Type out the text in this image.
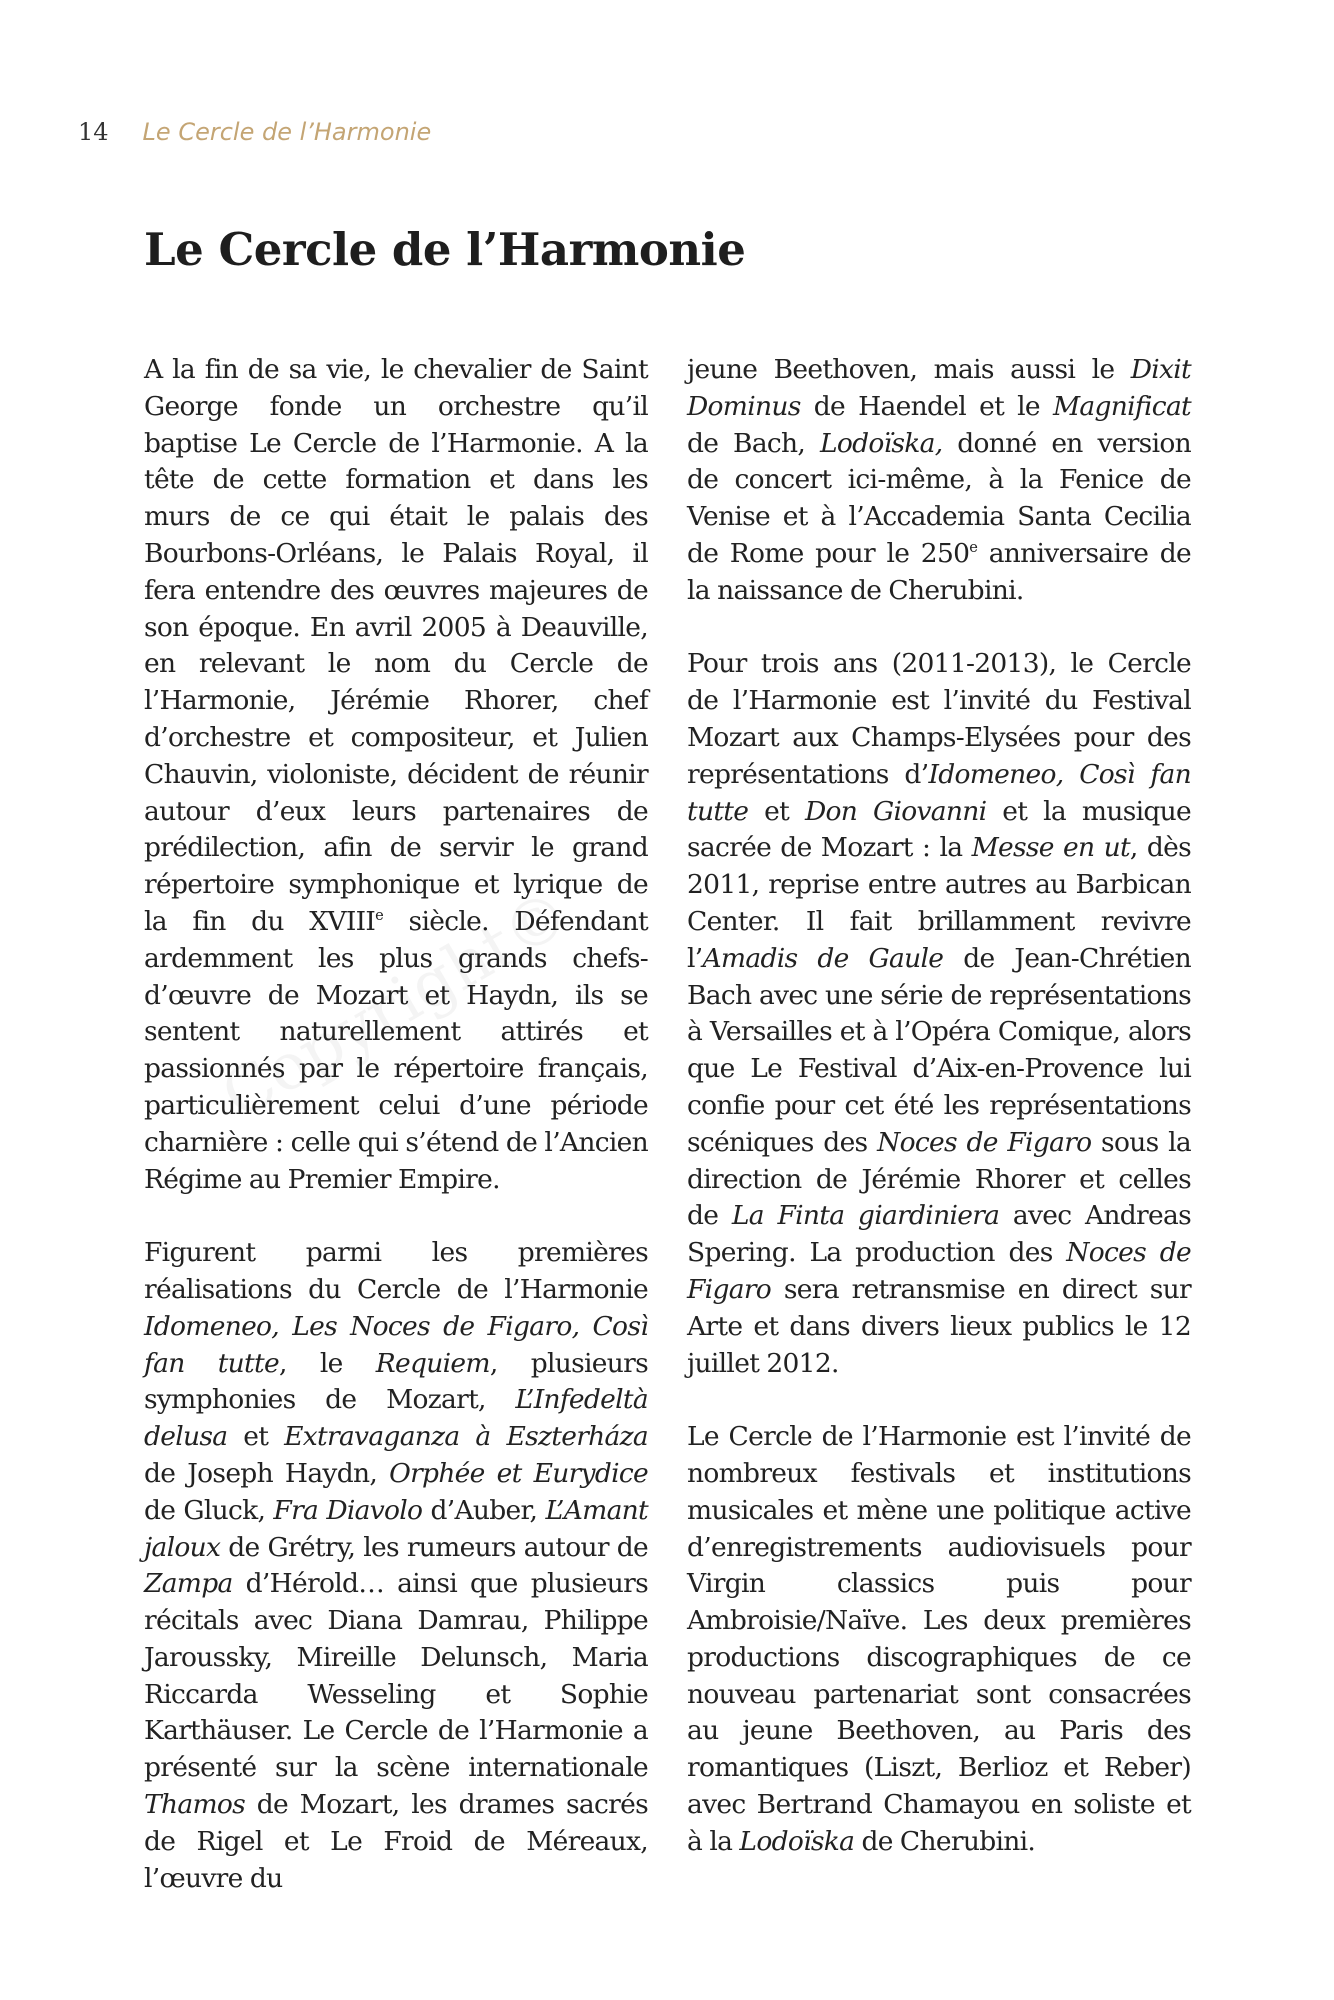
14 Le Cercle de l’Harmonie
Le Cercle de l’Harmonie

A la fin de sa vie, le chevalier de Saint George fonde un orchestre qu’il baptise Le Cercle de l’Harmonie. A la tête de cette formation et dans les murs de ce qui était le palais des Bourbons-Orléans, le Palais Royal, il fera entendre des œuvres majeures de son époque. En avril 2005 à Deauville, en relevant le nom du Cercle de l’Harmonie, Jérémie Rhorer, chef d’orchestre et compositeur, et Julien Chauvin, violoniste, décident de réunir autour d’eux leurs partenaires de prédilection, afin de servir le grand répertoire symphonique et lyrique de la fin du XVIIIe siècle. Défendant ardemment les plus grands chefs-d’œuvre de Mozart et Haydn, ils se sentent naturellement attirés et passionnés par le répertoire français, particulièrement celui d’une période charnière : celle qui s’étend de l’Ancien Régime au Premier Empire.

Figurent parmi les premières réalisations du Cercle de l’Harmonie Idomeneo, Les Noces de Figaro, Così fan tutte, le Requiem, plusieurs symphonies de Mozart, L’Infedeltà delusa et Extravaganza à Eszterháza de Joseph Haydn, Orphée et Eurydice de Gluck, Fra Diavolo d’Auber, L’Amant jaloux de Grétry, les rumeurs autour de Zampa d’Hérold… ainsi que plusieurs récitals avec Diana Damrau, Philippe Jaroussky, Mireille Delunsch, Maria Riccarda Wesseling et Sophie Karthäuser. Le Cercle de l’Harmonie a présenté sur la scène internationale Thamos de Mozart, les drames sacrés de Rigel et Le Froid de Méreaux, l’œuvre du

jeune Beethoven, mais aussi le Dixit Dominus de Haendel et le Magnificat de Bach, Lodoïska, donné en version de concert ici-même, à la Fenice de Venise et à l’Accademia Santa Cecilia de Rome pour le 250e anniversaire de la naissance de Cherubini.

Pour trois ans (2011-2013), le Cercle de l’Harmonie est l’invité du Festival Mozart aux Champs-Elysées pour des représentations d’Idomeneo, Così fan tutte et Don Giovanni et la musique sacrée de Mozart : la Messe en ut, dès 2011, reprise entre autres au Barbican Center. Il fait brillamment revivre l’Amadis de Gaule de Jean-Chrétien Bach avec une série de représentations à Versailles et à l’Opéra Comique, alors que Le Festival d’Aix-en-Provence lui confie pour cet été les représentations scéniques des Noces de Figaro sous la direction de Jérémie Rhorer et celles de La Finta giardiniera avec Andreas Spering. La production des Noces de Figaro sera retransmise en direct sur Arte et dans divers lieux publics le 12 juillet 2012.

Le Cercle de l’Harmonie est l’invité de nombreux festivals et institutions musicales et mène une politique active d’enregistrements audiovisuels pour Virgin classics puis pour Ambroisie/Naïve. Les deux premières productions discographiques de ce nouveau partenariat sont consacrées au jeune Beethoven, au Paris des romantiques (Liszt, Berlioz et Reber) avec Bertrand Chamayou en soliste et à la Lodoïska de Cherubini.
